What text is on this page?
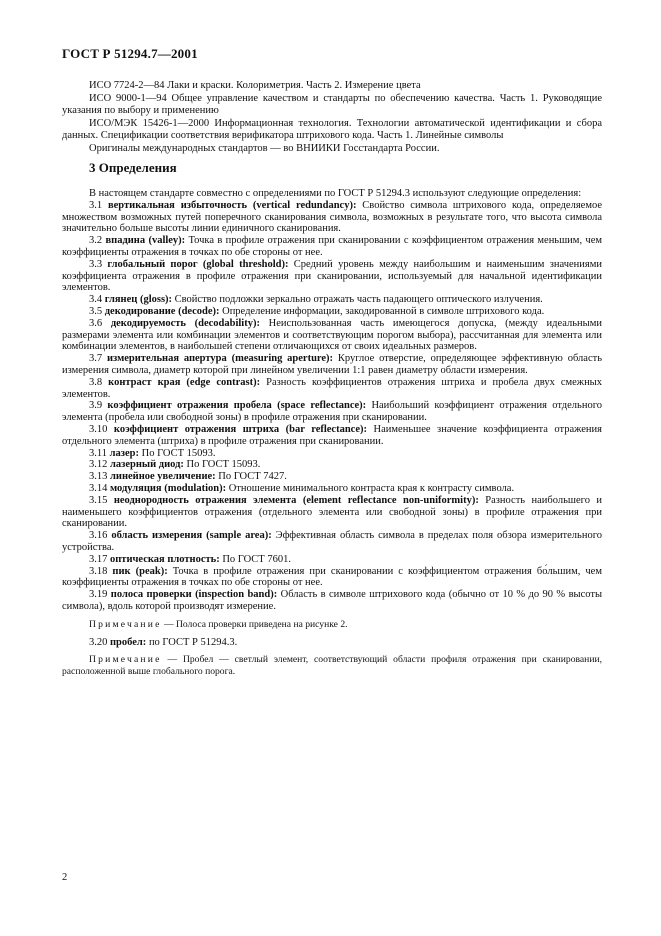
ГОСТ Р 51294.7—2001

ИСО 7724-2—84 Лаки и краски. Колориметрия. Часть 2. Измерение цвета

ИСО 9000-1—94 Общее управление качеством и стандарты по обеспечению качества. Часть 1. Руководящие указания по выбору и применению

ИСО/МЭК 15426-1—2000 Информационная технология. Технологии автоматической идентификации и сбора данных. Спецификации соответствия верификатора штрихового кода. Часть 1. Линейные символы

Оригиналы международных стандартов — во ВНИИКИ Госстандарта России.

3 Определения

В настоящем стандарте совместно с определениями по ГОСТ Р 51294.3 используют следующие определения:

3.1 вертикальная избыточность (vertical redundancy): Свойство символа штрихового кода, определяемое множеством возможных путей поперечного сканирования символа, возможных в результате того, что высота символа значительно больше высоты линии единичного сканирования.

3.2 впадина (valley): Точка в профиле отражения при сканировании с коэффициентом отражения меньшим, чем коэффициенты отражения в точках по обе стороны от нее.

3.3 глобальный порог (global threshold): Средний уровень между наибольшим и наименьшим значениями коэффициента отражения в профиле отражения при сканировании, используемый для начальной идентификации элементов.

3.4 глянец (gloss): Свойство подложки зеркально отражать часть падающего оптического излучения.

3.5 декодирование (decode): Определение информации, закодированной в символе штрихового кода.

3.6 декодируемость (decodability): Неиспользованная часть имеющегося допуска, (между идеальными размерами элемента или комбинации элементов и соответствующим порогом выбора), рассчитанная для элемента или комбинации элементов, в наибольшей степени отличающихся от своих идеальных размеров.

3.7 измерительная апертура (measuring aperture): Круглое отверстие, определяющее эффективную область измерения символа, диаметр которой при линейном увеличении 1:1 равен диаметру области измерения.

3.8 контраст края (edge contrast): Разность коэффициентов отражения штриха и пробела двух смежных элементов.

3.9 коэффициент отражения пробела (space reflectance): Наибольший коэффициент отражения отдельного элемента (пробела или свободной зоны) в профиле отражения при сканировании.

3.10 коэффициент отражения штриха (bar reflectance): Наименьшее значение коэффициента отражения отдельного элемента (штриха) в профиле отражения при сканировании.

3.11 лазер: По ГОСТ 15093.

3.12 лазерный диод: По ГОСТ 15093.

3.13 линейное увеличение: По ГОСТ 7427.

3.14 модуляция (modulation): Отношение минимального контраста края к контрасту символа.

3.15 неоднородность отражения элемента (element reflectance non-uniformity): Разность наибольшего и наименьшего коэффициентов отражения (отдельного элемента или свободной зоны) в профиле отражения при сканировании.

3.16 область измерения (sample area): Эффективная область символа в пределах поля обзора измерительного устройства.

3.17 оптическая плотность: По ГОСТ 7601.

3.18 пик (peak): Точка в профиле отражения при сканировании с коэффициентом отражения бо́льшим, чем коэффициенты отражения в точках по обе стороны от нее.

3.19 полоса проверки (inspection band): Область в символе штрихового кода (обычно от 10 % до 90 % высоты символа), вдоль которой производят измерение.

Примечание — Полоса проверки приведена на рисунке 2.

3.20 пробел: по ГОСТ Р 51294.3.

Примечание — Пробел — светлый элемент, соответствующий области профиля отражения при сканировании, расположенной выше глобального порога.

2
